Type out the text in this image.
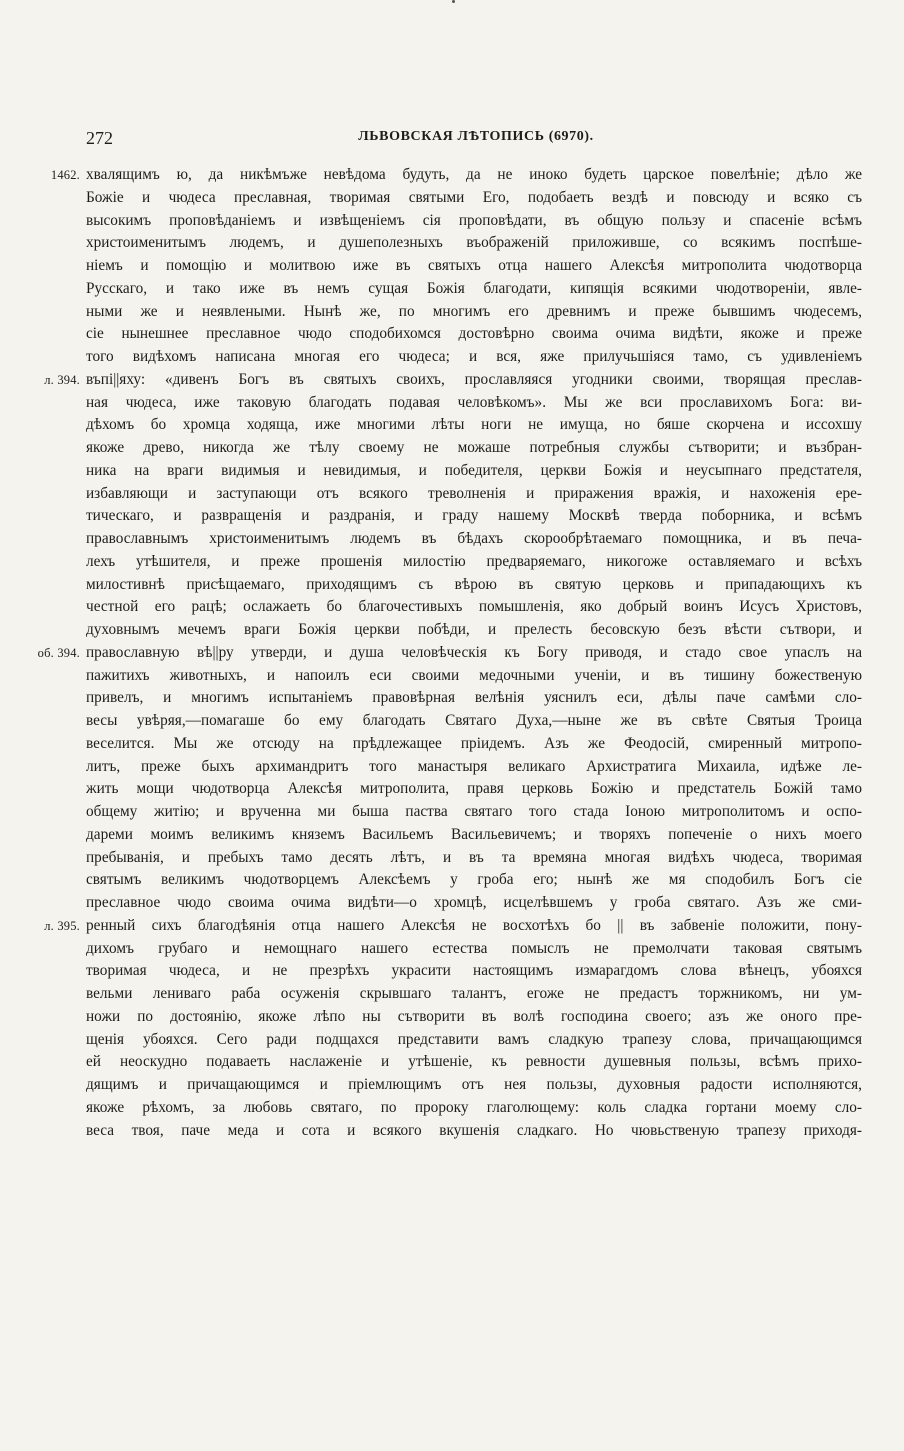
272	ЛЬВОВСКАЯ ЛѢТОПИСЬ (6970).
1462. хвалящимъ ю, да никѣмъже невѣдома будуть, да не иноко будеть царское повелѣніе; дѣло же
Божіе и чюдеса преславная, творимая святыми Его, подобаеть вездѣ и повсюду и всяко съ
высокимъ проповѣданіемъ и извѣщеніемъ сія проповѣдати, въ общую пользу и спасеніе всѣмъ
христоименитымъ людемъ, и душеполезныхъ въображеній приложивше, со всякимъ поспѣше-
ніемъ и помощію и молитвою иже въ святыхъ отца нашего Алексѣя митрополита чюдотворца
Русскаго, и тако иже въ немъ сущая Божія благодати, кипящія всякими чюдотвореніи, явле-
ными же и неявлеными. Нынѣ же, по многимъ его древнимъ и преже бывшимъ чюдесемъ,
сіе нынешнее преславное чюдо сподобихомся достовѣрно своима очима видѣти, якоже и преже
того видѣхомъ написана многая его чюдеса; и вся, яже прилучьшіяся тамо, съ удивленіемъ
л. 394. въпі||яху: «дивенъ Богъ въ святыхъ своихъ, прославляяся угодники своими, творящая преслав-
ная чюдеса, иже таковую благодать подавая человѣкомъ». Мы же вси прославихомъ Бога: ви-
дѣхомъ бо хромца ходяща, иже многими лѣты ноги не имуща, но бяше скорчена и иссохшу
якоже древо, никогда же тѣлу своему не можаше потребныя службы сътворити; и възбран-
ника на враги видимыя и невидимыя, и победителя, церкви Божія и неусыпнаго предстателя,
избавляющи и заступающи отъ всякого треволненія и приражения вражія, и нахоженія ере-
тическаго, и развращенія и раздранія, и граду нашему Москвѣ тверда поборника, и всѣмъ
православнымъ христоименитымъ людемъ въ бѣдахъ скорообрѣтаемаго помощника, и въ печа-
лехъ утѣшителя, и преже прошенія милостію предваряемаго, никогоже оставляемаго и всѣхъ
милостивнѣ присѣщаемаго, приходящимъ съ вѣрою въ святую церковь и припадающихъ къ
честной его рацѣ; ослажаеть бо благочестивыхъ помышленія, яко добрый воинъ Исусъ Христовъ,
духовнымъ мечемъ враги Божія церкви побѣди, и прелесть бесовскую безъ вѣсти сътвори, и
об. 394. православную вѣ||ру утверди, и душа человѣческія къ Богу приводя, и стадо свое упаслъ на
пажитихъ животныхъ, и напоилъ еси своими медочными ученіи, и въ тишину божественую
привелъ, и многимъ испытаніемъ правовѣрная велѣнія уяснилъ еси, дѣлы паче самѣми сло-
весы увѣряя,—помагаше бо ему благодать Святаго Духа,—ныне же въ свѣте Святыя Троица
веселится. Мы же отсюду на прѣдлежащее пріидемъ. Азъ же Феодосій, смиренный митропо-
литъ, преже быхъ архимандритъ того манастыря великаго Архистратига Михаила, идѣже ле-
жить мощи чюдотворца Алексѣя митрополита, правя церковь Божію и предстатель Божій тамо
общему житію; и врученна ми быша паства святаго того стада Іоною митрополитомъ и оспо-
дареми моимъ великимъ княземъ Васильемъ Васильевичемъ; и творяхъ попеченіе о нихъ моего
пребыванія, и пребыхъ тамо десять лѣтъ, и въ та времяна многая видѣхъ чюдеса, творимая
святымъ великимъ чюдотворцемъ Алексѣемъ у гроба его; нынѣ же мя сподобилъ Богъ сіе
преславное чюдо своима очима видѣти—о хромцѣ, исцелѣвшемъ у гроба святаго. Азъ же сми-
л. 395. ренный сихъ благодѣянія отца нашего Алексѣя не восхотѣхъ бо || въ забвеніе положити, пону-
дихомъ грубаго и немощнаго нашего естества помыслъ не премолчати таковая святымъ
творимая чюдеса, и не презрѣхъ украсити настоящимъ измарагдомъ слова вѣнецъ, убояхся
вельми лениваго раба осуженія скрывшаго талантъ, егоже не предастъ торжникомъ, ни ум-
ножи по достоянію, якоже лѣпо ны сътворити въ волѣ господина своего; азъ же оного пре-
щенія убояхся. Сего ради подщахся представити вамъ сладкую трапезу слова, причащающимся
ей неоскудно подаваеть наслаженіе и утѣшеніе, къ ревности душевныя пользы, всѣмъ прихо-
дящимъ и причащающимся и пріемлющимъ отъ нея пользы, духовныя радости исполняются,
якоже рѣхомъ, за любовь святаго, по пророку глаголющему: коль сладка гортани моему сло-
веса твоя, паче меда и сота и всякого вкушенія сладкаго. Но чювьственую трапезу приходя-
